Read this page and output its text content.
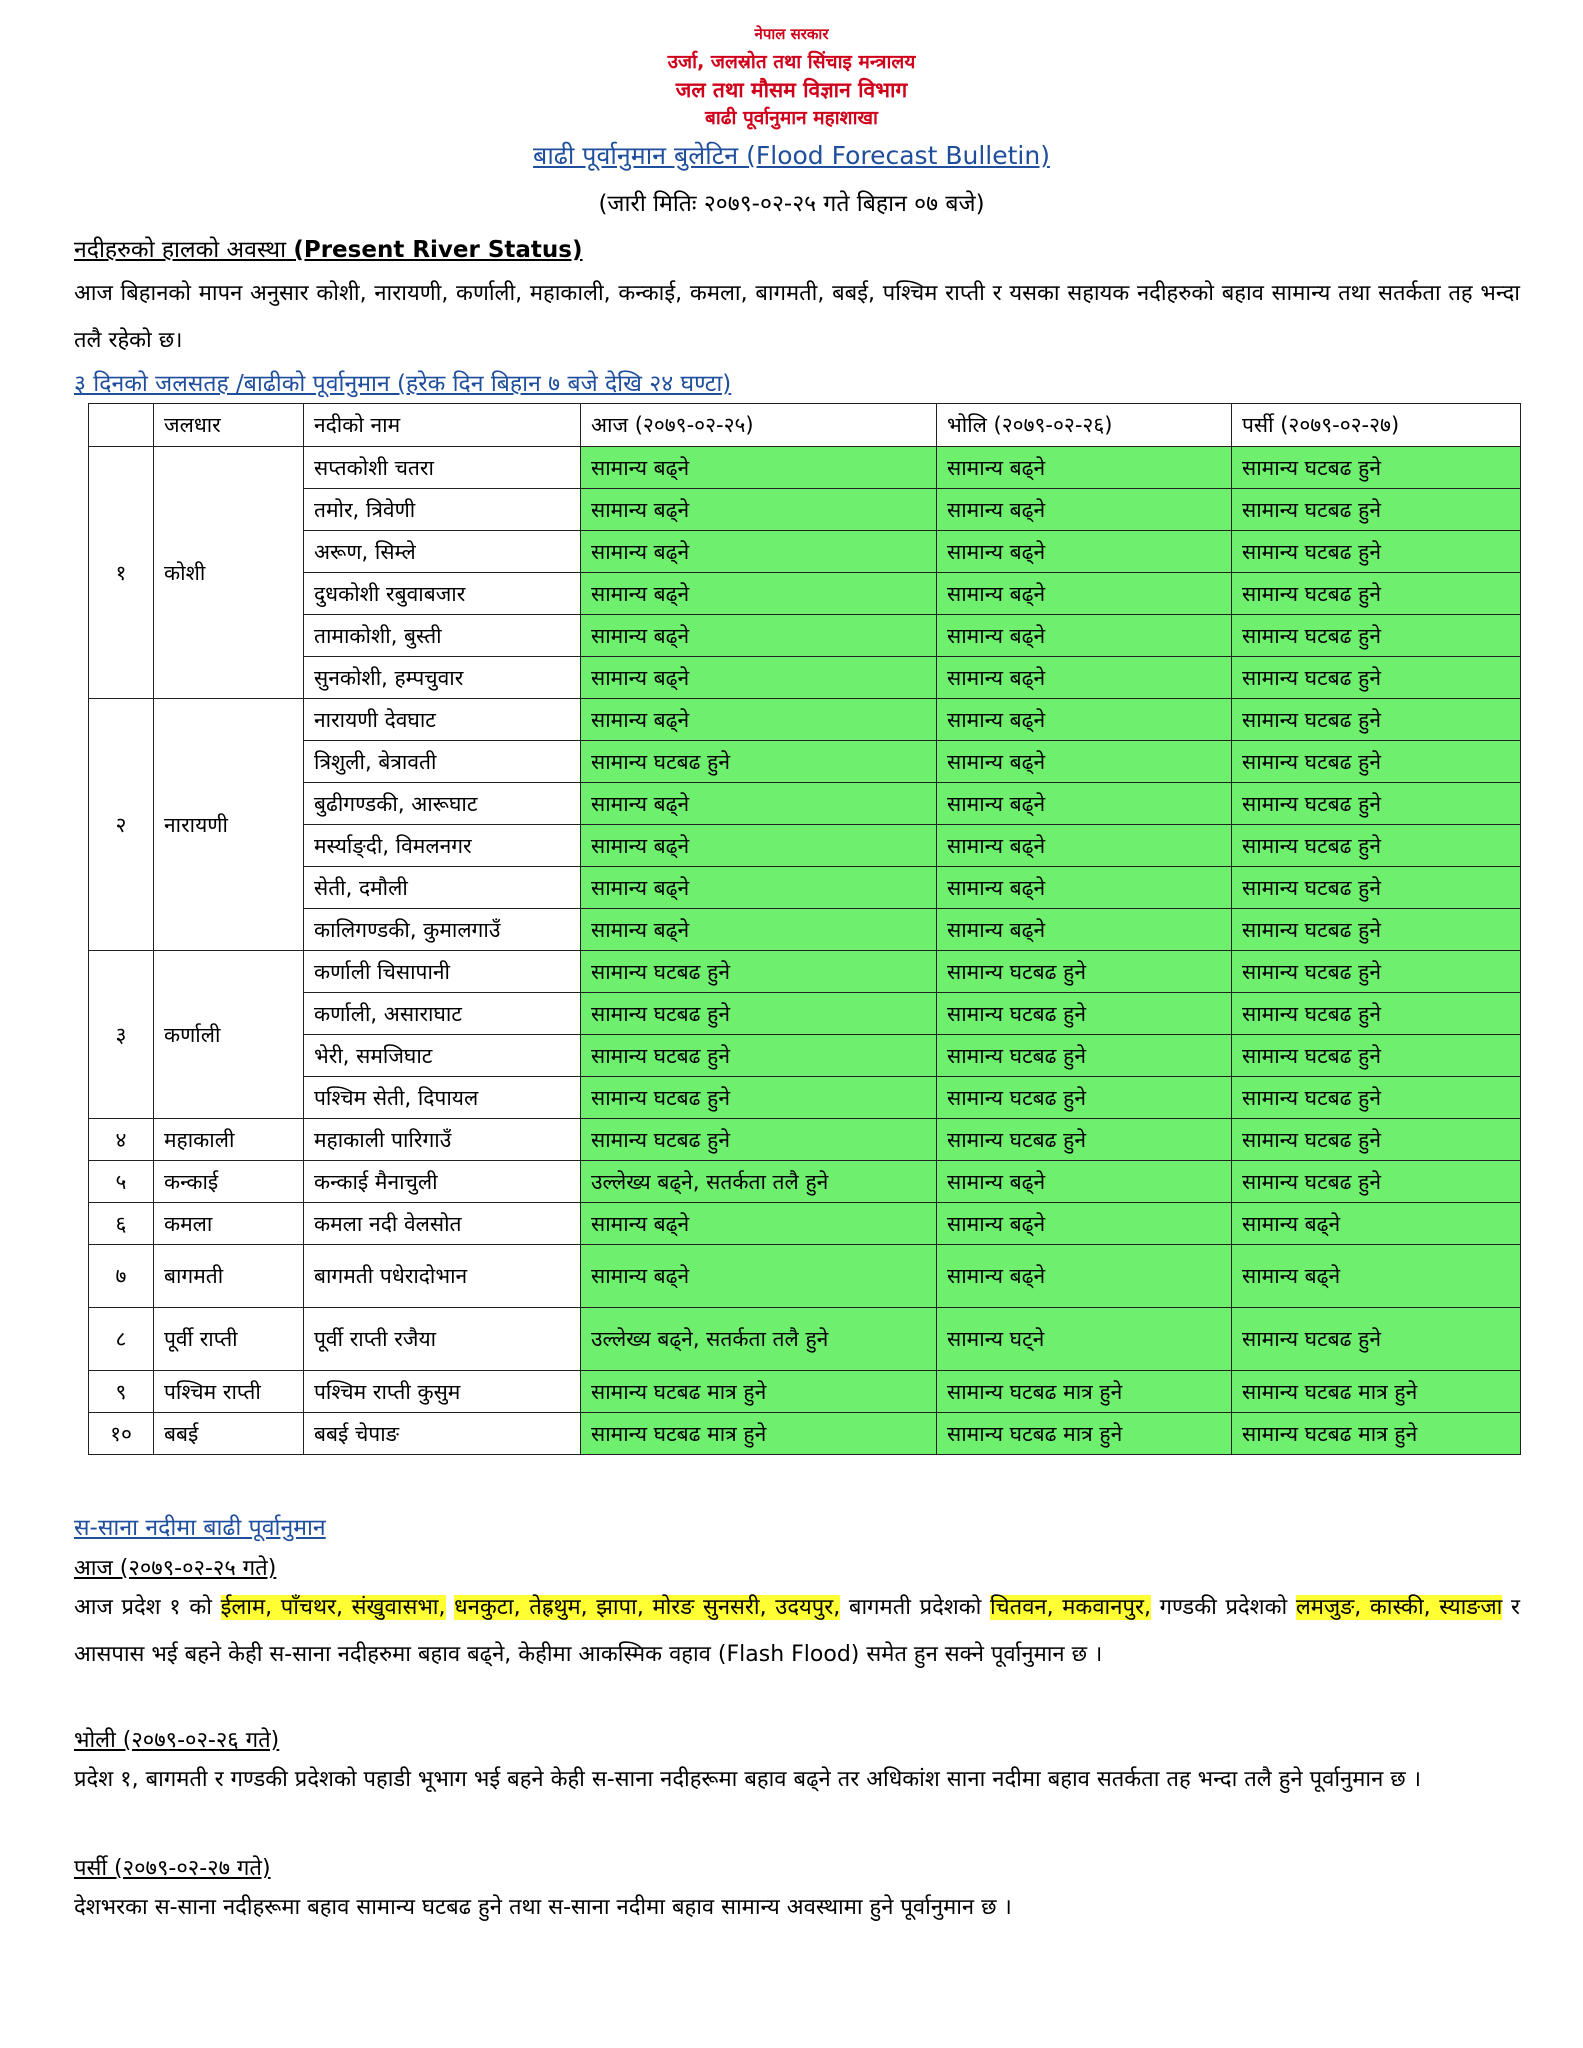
नेपाल सरकार
उर्जा, जलस्रोत तथा सिंचाइ मन्त्रालय
जल तथा मौसम विज्ञान विभाग
बाढी पूर्वानुमान महाशाखा
बाढी पूर्वानुमान बुलेटिन (Flood Forecast Bulletin)
(जारी मितिः २०७९-०२-२५ गते बिहान ०७ बजे)
नदीहरुको हालको अवस्था (Present River Status)
आज बिहानको मापन अनुसार कोशी, नारायणी, कर्णाली, महाकाली, कन्काई, कमला, बागमती, बबई, पश्चिम राप्ती र यसका सहायक नदीहरुको बहाव सामान्य तथा सतर्कता तह भन्दा तलै रहेको छ।
३ दिनको जलसतह /बाढीको पूर्वानुमान (हरेक दिन बिहान ७ बजे देखि २४ घण्टा)
	जलधार	नदीको नाम	आज (२०७९-०२-२५)	भोलि (२०७९-०२-२६)	पर्सी (२०७९-०२-२७)
१	कोशी	सप्तकोशी चतरा	सामान्य बढ्ने	सामान्य बढ्ने	सामान्य घटबढ हुने
		तमोर, त्रिवेणी	सामान्य बढ्ने	सामान्य बढ्ने	सामान्य घटबढ हुने
		अरूण, सिम्ले	सामान्य बढ्ने	सामान्य बढ्ने	सामान्य घटबढ हुने
		दुधकोशी रबुवाबजार	सामान्य बढ्ने	सामान्य बढ्ने	सामान्य घटबढ हुने
		तामाकोशी, बुस्ती	सामान्य बढ्ने	सामान्य बढ्ने	सामान्य घटबढ हुने
		सुनकोशी, हम्पचुवार	सामान्य बढ्ने	सामान्य बढ्ने	सामान्य घटबढ हुने
२	नारायणी	नारायणी देवघाट	सामान्य बढ्ने	सामान्य बढ्ने	सामान्य घटबढ हुने
		त्रिशुली, बेत्रावती	सामान्य घटबढ हुने	सामान्य बढ्ने	सामान्य घटबढ हुने
		बुढीगण्डकी, आरूघाट	सामान्य बढ्ने	सामान्य बढ्ने	सामान्य घटबढ हुने
		मर्स्याङ्दी, विमलनगर	सामान्य बढ्ने	सामान्य बढ्ने	सामान्य घटबढ हुने
		सेती, दमौली	सामान्य बढ्ने	सामान्य बढ्ने	सामान्य घटबढ हुने
		कालिगण्डकी, कुमालगाउँ	सामान्य बढ्ने	सामान्य बढ्ने	सामान्य घटबढ हुने
३	कर्णाली	कर्णाली चिसापानी	सामान्य घटबढ हुने	सामान्य घटबढ हुने	सामान्य घटबढ हुने
		कर्णाली, असाराघाट	सामान्य घटबढ हुने	सामान्य घटबढ हुने	सामान्य घटबढ हुने
		भेरी, समजिघाट	सामान्य घटबढ हुने	सामान्य घटबढ हुने	सामान्य घटबढ हुने
		पश्चिम सेती, दिपायल	सामान्य घटबढ हुने	सामान्य घटबढ हुने	सामान्य घटबढ हुने
४	महाकाली	महाकाली पारिगाउँ	सामान्य घटबढ हुने	सामान्य घटबढ हुने	सामान्य घटबढ हुने
५	कन्काई	कन्काई मैनाचुली	उल्लेख्य बढ्ने, सतर्कता तलै हुने	सामान्य बढ्ने	सामान्य घटबढ हुने
६	कमला	कमला नदी वेलसोत	सामान्य बढ्ने	सामान्य बढ्ने	सामान्य बढ्ने
७	बागमती	बागमती पधेरादोभान	सामान्य बढ्ने	सामान्य बढ्ने	सामान्य बढ्ने
८	पूर्वी राप्ती	पूर्वी राप्ती रजैया	उल्लेख्य बढ्ने, सतर्कता तलै हुने	सामान्य घट्ने	सामान्य घटबढ हुने
९	पश्चिम राप्ती	पश्चिम राप्ती कुसुम	सामान्य घटबढ मात्र हुने	सामान्य घटबढ मात्र हुने	सामान्य घटबढ मात्र हुने
१०	बबई	बबई चेपाङ	सामान्य घटबढ मात्र हुने	सामान्य घटबढ मात्र हुने	सामान्य घटबढ मात्र हुने
स-साना नदीमा बाढी पूर्वानुमान
आज (२०७९-०२-२५ गते)
आज प्रदेश १ को ईलाम, पाँचथर, संखुवासभा, धनकुटा, तेह्रथुम, झापा, मोरङ सुनसरी, उदयपुर, बागमती प्रदेशको चितवन, मकवानपुर, गण्डकी प्रदेशको लमजुङ, कास्की, स्याङजा र आसपास भई बहने केही स-साना नदीहरुमा बहाव बढ्ने, केहीमा आकस्मिक वहाव (Flash Flood) समेत हुन सक्ने पूर्वानुमान छ ।
भोली (२०७९-०२-२६ गते)
प्रदेश १, बागमती र गण्डकी प्रदेशको पहाडी भूभाग भई बहने केही स-साना नदीहरूमा बहाव बढ्ने तर अधिकांश साना नदीमा बहाव सतर्कता तह भन्दा तलै हुने पूर्वानुमान छ ।
पर्सी (२०७९-०२-२७ गते)
देशभरका स-साना नदीहरूमा बहाव सामान्य घटबढ हुने तथा स-साना नदीमा बहाव सामान्य अवस्थामा हुने पूर्वानुमान छ ।
